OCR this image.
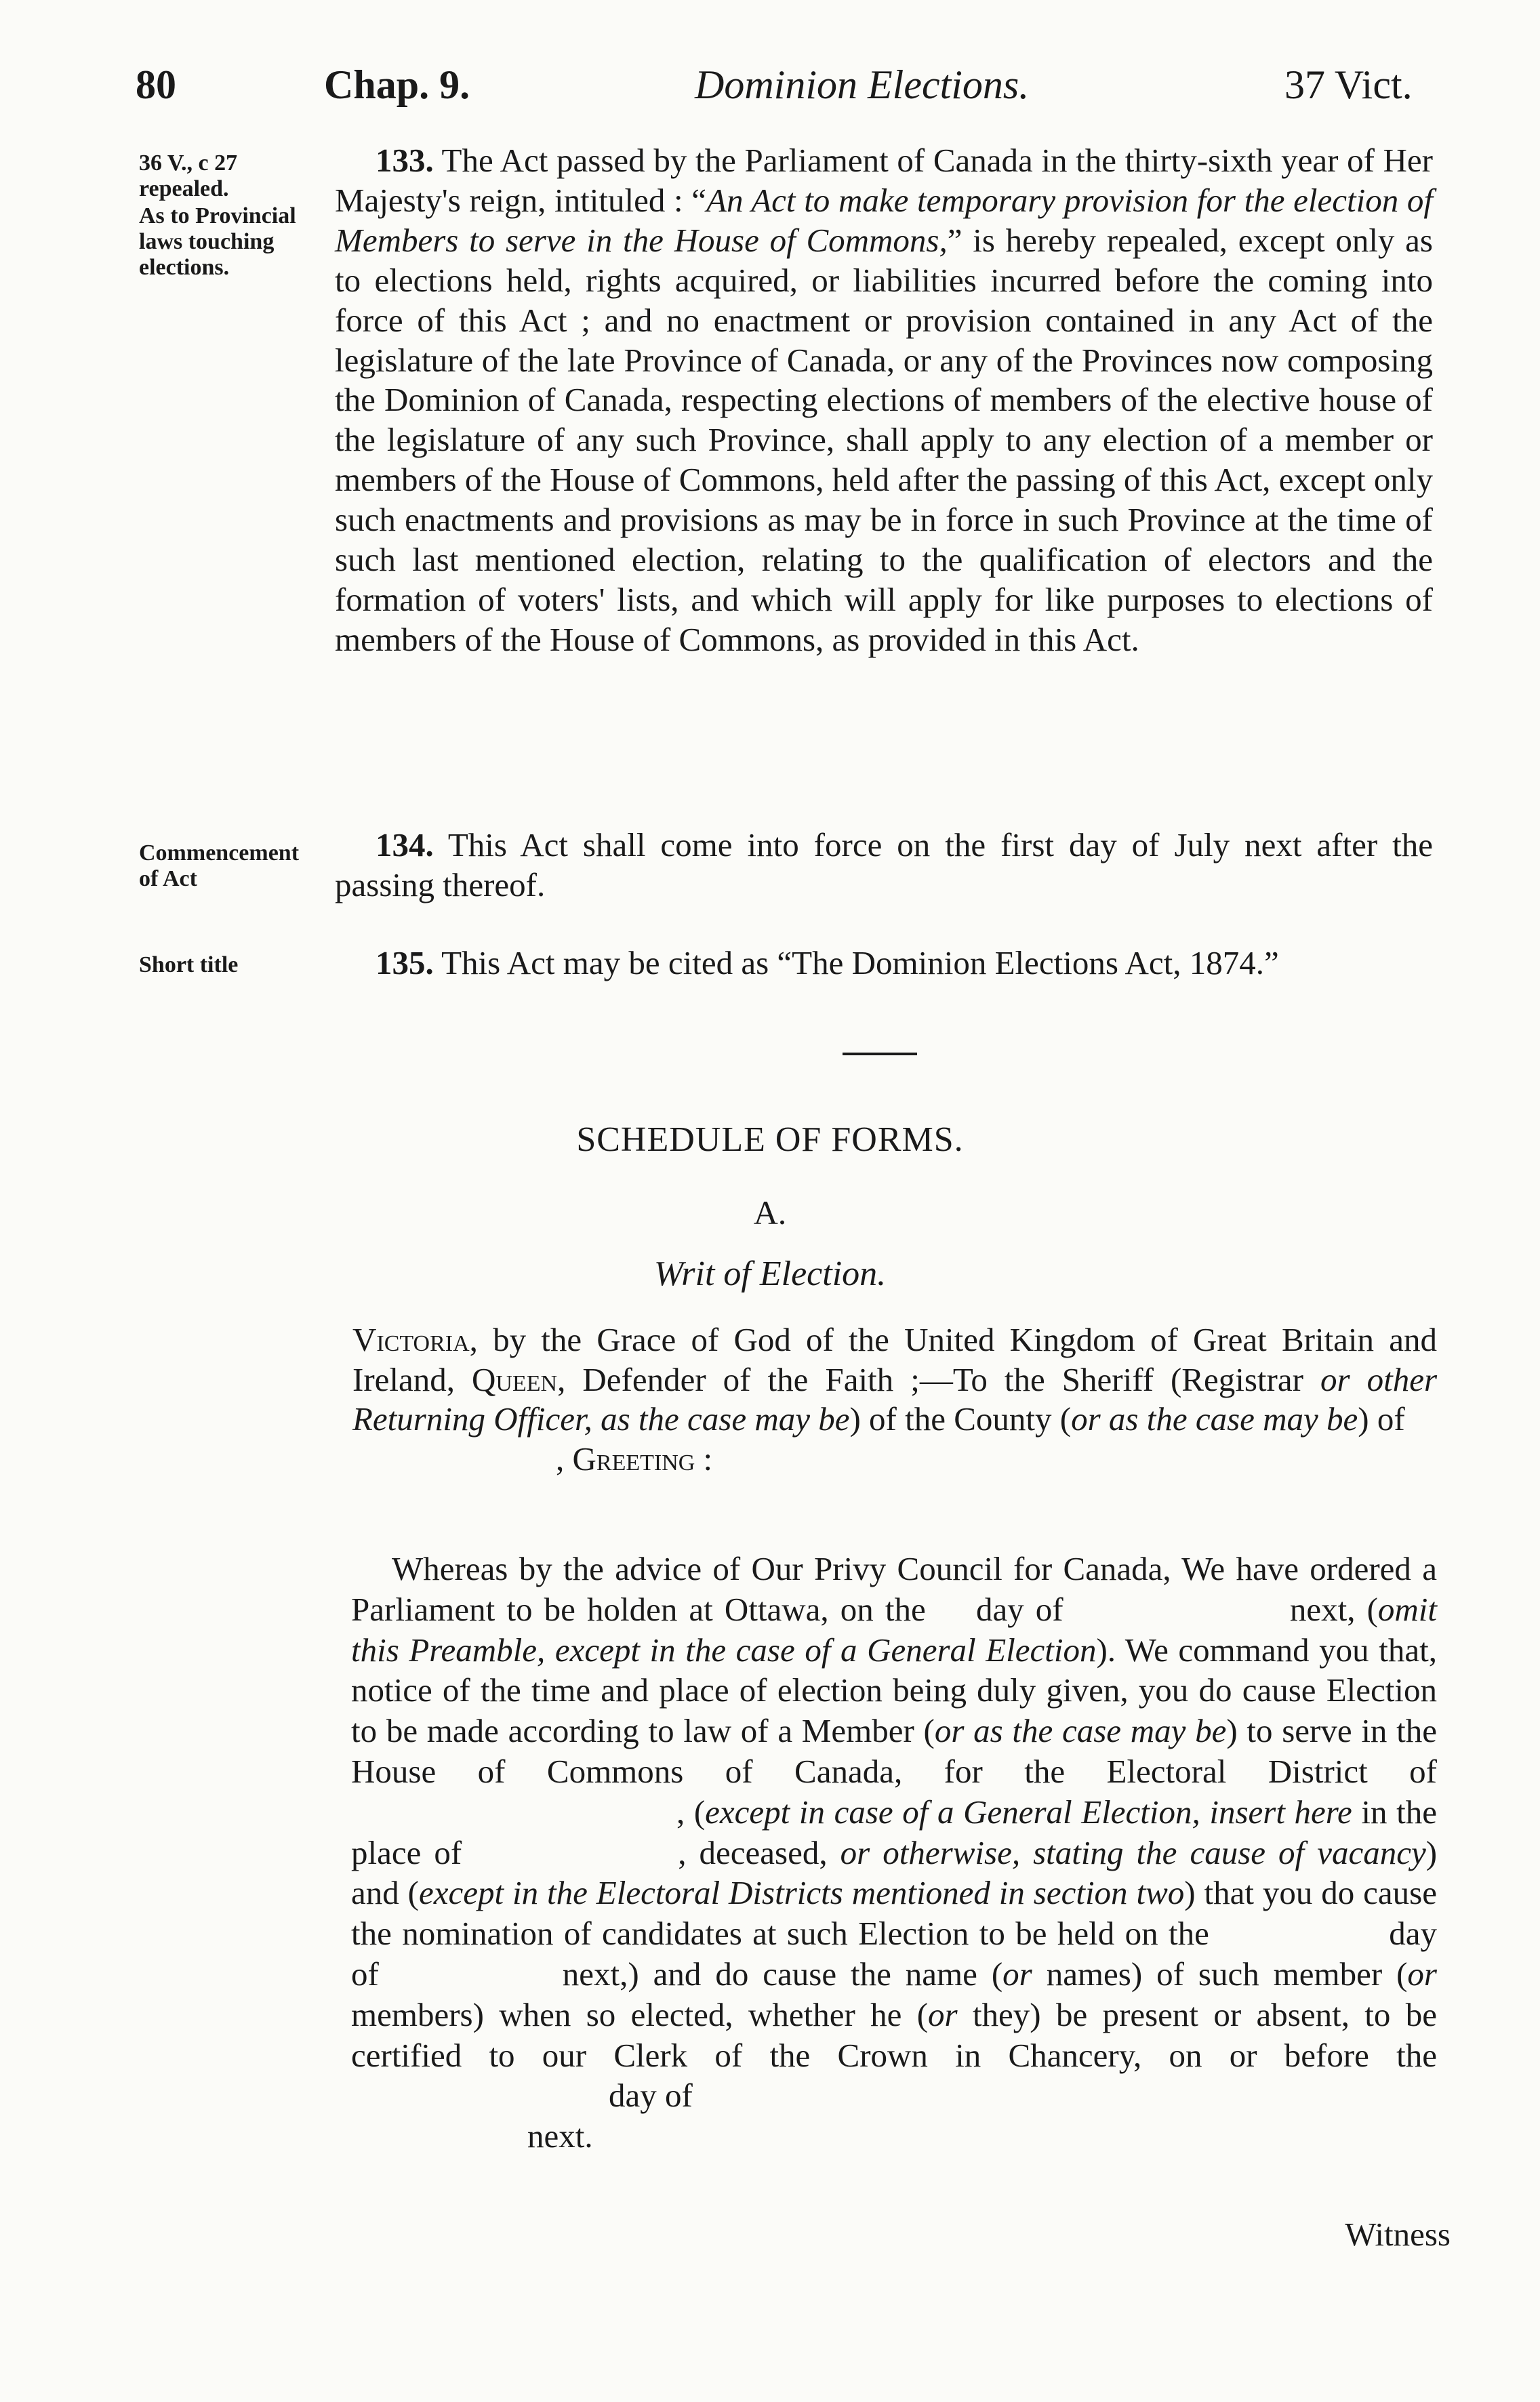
80	Chap. 9.	Dominion Elections.	37 Vict.
36 V., c 27 repealed.
As to Provincial laws touching elections.
133. The Act passed by the Parliament of Canada in the thirty-sixth year of Her Majesty's reign, intituled : “An Act to make temporary provision for the election of Members to serve in the House of Commons,” is hereby repealed, except only as to elections held, rights acquired, or liabilities incurred before the coming into force of this Act ; and no enactment or provision contained in any Act of the legislature of the late Province of Canada, or any of the Provinces now composing the Dominion of Canada, respecting elections of members of the elective house of the legislature of any such Province, shall apply to any election of a member or members of the House of Commons, held after the passing of this Act, except only such enactments and provisions as may be in force in such Province at the time of such last mentioned election, relating to the qualification of electors and the formation of voters' lists, and which will apply for like purposes to elections of members of the House of Commons, as provided in this Act.
Commencement of Act
134. This Act shall come into force on the first day of July next after the passing thereof.
Short title	135. This Act may be cited as “The Dominion Elections Act, 1874.”
SCHEDULE OF FORMS.
A.
Writ of Election.
Victoria, by the Grace of God of the United Kingdom of Great Britain and Ireland, Queen, Defender of the Faith ;—To the Sheriff (Registrar or other Returning Officer, as the case may be) of the County (or as the case may be) of
, Greeting :
Whereas by the advice of Our Privy Council for Canada, We have ordered a Parliament to be holden at Ottawa, on the day of	next, (omit this Preamble, except in the case of a General Election). We command you that, notice of the time and place of election being duly given, you do cause Election to be made according to law of a Member (or as the case may be) to serve in the House of Commons of Canada, for the Electoral District of , (except in case of a General Election, insert here in the place of	, deceased, or otherwise, stating the cause of vacancy) and (except in the Electoral Districts mentioned in section two) that you do cause the nomination of candidates at such Election to be held on the	day of	next,) and do cause the name (or names) of such member (or members) when so elected, whether he (or they) be present or absent, to be certified to our Clerk of the Crown in Chancery, on or before the day of
next.
Witness
